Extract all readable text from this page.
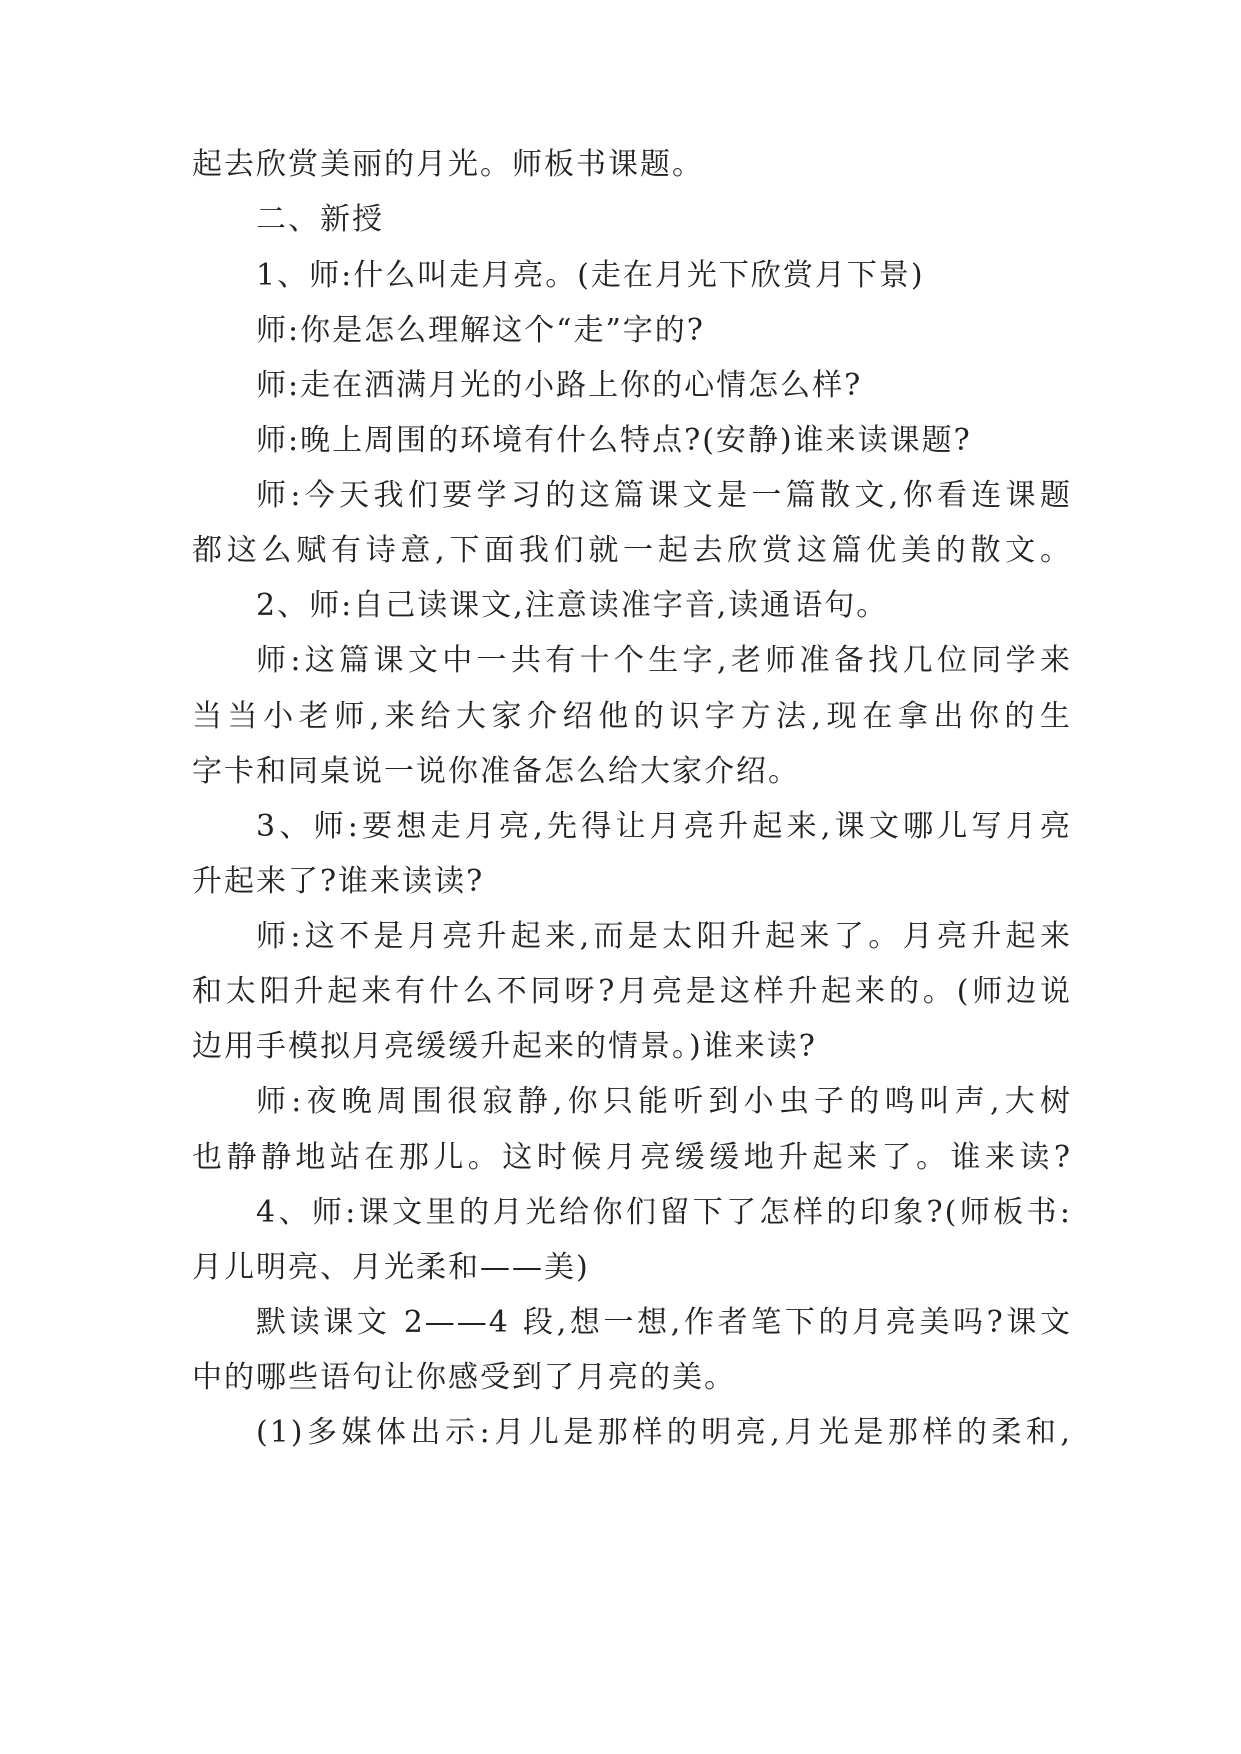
起去欣赏美丽的月光。师板书课题。
二、新授
1、师:什么叫走月亮。(走在月光下欣赏月下景)
师:你是怎么理解这个“走”字的?
师:走在洒满月光的小路上你的心情怎么样?
师:晚上周围的环境有什么特点?(安静)谁来读课题?
师:今天我们要学习的这篇课文是一篇散文,你看连课题
都这么赋有诗意,下面我们就一起去欣赏这篇优美的散文。
2、师:自己读课文,注意读准字音,读通语句。
师:这篇课文中一共有十个生字,老师准备找几位同学来
当当小老师,来给大家介绍他的识字方法,现在拿出你的生
字卡和同桌说一说你准备怎么给大家介绍。
3、师:要想走月亮,先得让月亮升起来,课文哪儿写月亮
升起来了?谁来读读?
师:这不是月亮升起来,而是太阳升起来了。月亮升起来
和太阳升起来有什么不同呀?月亮是这样升起来的。(师边说
边用手模拟月亮缓缓升起来的情景。)谁来读?
师:夜晚周围很寂静,你只能听到小虫子的鸣叫声,大树
也静静地站在那儿。这时候月亮缓缓地升起来了。谁来读?
4、师:课文里的月光给你们留下了怎样的印象?(师板书:
月儿明亮、月光柔和——美)
默读课文 2——4 段,想一想,作者笔下的月亮美吗?课文
中的哪些语句让你感受到了月亮的美。
(1)多媒体出示:月儿是那样的明亮,月光是那样的柔和,
